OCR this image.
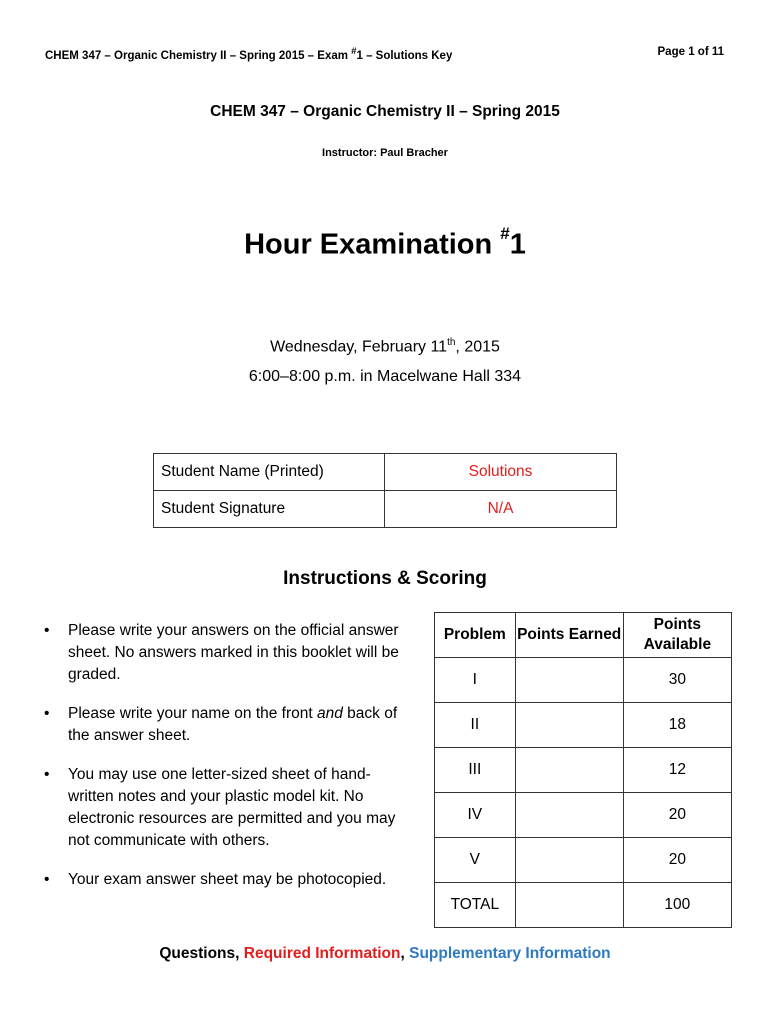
CHEM 347 – Organic Chemistry II – Spring 2015 – Exam #1 – Solutions Key	Page 1 of 11
CHEM 347 – Organic Chemistry II – Spring 2015
Instructor: Paul Bracher
Hour Examination #1
Wednesday, February 11th, 2015
6:00–8:00 p.m. in Macelwane Hall 334
Student Name (Printed)	Solutions
Student Signature	N/A
Instructions & Scoring
• Please write your answers on the official answer sheet. No answers marked in this booklet will be graded.
• Please write your name on the front and back of the answer sheet.
• You may use one letter-sized sheet of hand-written notes and your plastic model kit. No electronic resources are permitted and you may not communicate with others.
• Your exam answer sheet may be photocopied.
Problem	Points Earned	Points Available
I		30
II		18
III		12
IV		20
V		20
TOTAL		100
Questions, Required Information, Supplementary Information
